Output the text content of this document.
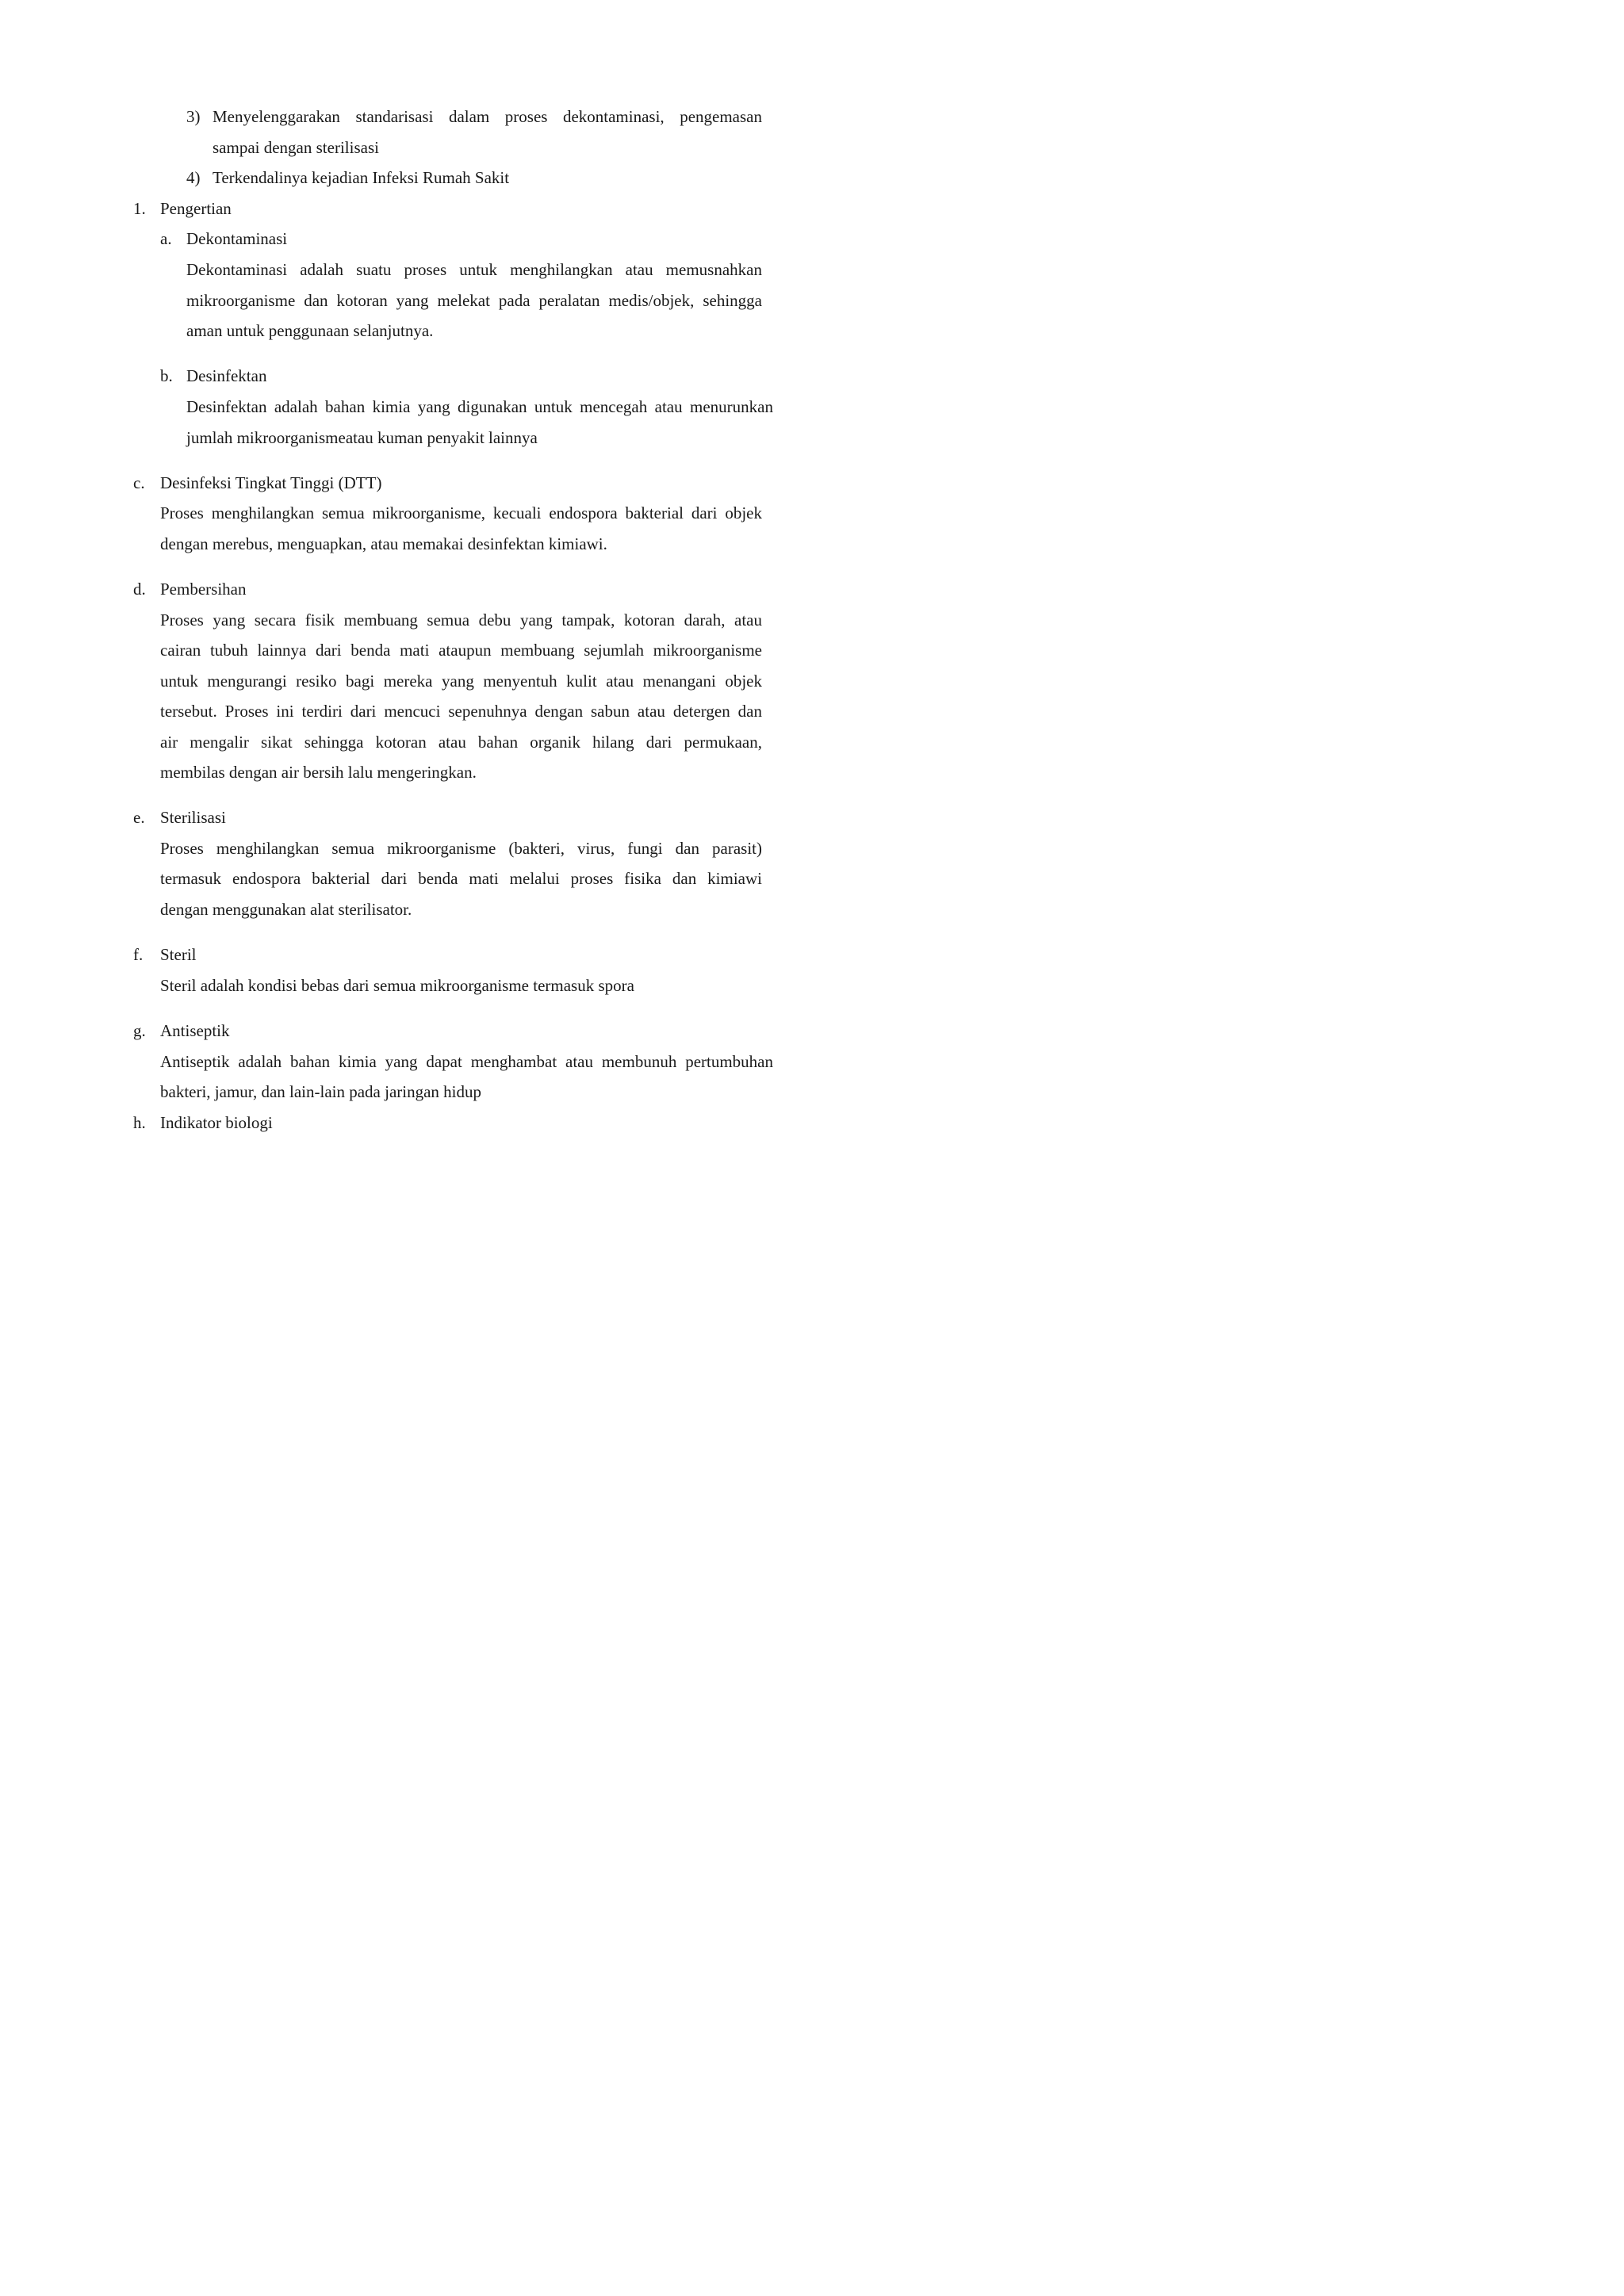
3) Menyelenggarakan standarisasi dalam proses dekontaminasi, pengemasan
sampai dengan sterilisasi
4) Terkendalinya kejadian Infeksi Rumah Sakit
1. Pengertian
a. Dekontaminasi
Dekontaminasi adalah suatu proses untuk menghilangkan atau memusnahkan
mikroorganisme dan kotoran yang melekat pada peralatan medis/objek, sehingga
aman untuk penggunaan selanjutnya.
b. Desinfektan
Desinfektan adalah bahan kimia yang digunakan untuk mencegah atau menurunkan
jumlah mikroorganismeatau kuman penyakit lainnya
c. Desinfeksi Tingkat Tinggi (DTT)
Proses menghilangkan semua mikroorganisme, kecuali endospora bakterial dari objek
dengan merebus, menguapkan, atau memakai desinfektan kimiawi.
d. Pembersihan
Proses yang secara fisik membuang semua debu yang tampak, kotoran darah, atau
cairan tubuh lainnya dari benda mati ataupun membuang sejumlah mikroorganisme
untuk mengurangi resiko bagi mereka yang menyentuh kulit atau menangani objek
tersebut. Proses ini terdiri dari mencuci sepenuhnya dengan sabun atau detergen dan
air mengalir sikat sehingga kotoran atau bahan organik hilang dari permukaan,
membilas dengan air bersih lalu mengeringkan.
e. Sterilisasi
Proses menghilangkan semua mikroorganisme (bakteri, virus, fungi dan parasit)
termasuk endospora bakterial dari benda mati melalui proses fisika dan kimiawi
dengan menggunakan alat sterilisator.
f. Steril
Steril adalah kondisi bebas dari semua mikroorganisme termasuk spora
g. Antiseptik
Antiseptik adalah bahan kimia yang dapat menghambat atau membunuh pertumbuhan
bakteri, jamur, dan lain-lain pada jaringan hidup
h. Indikator biologi
